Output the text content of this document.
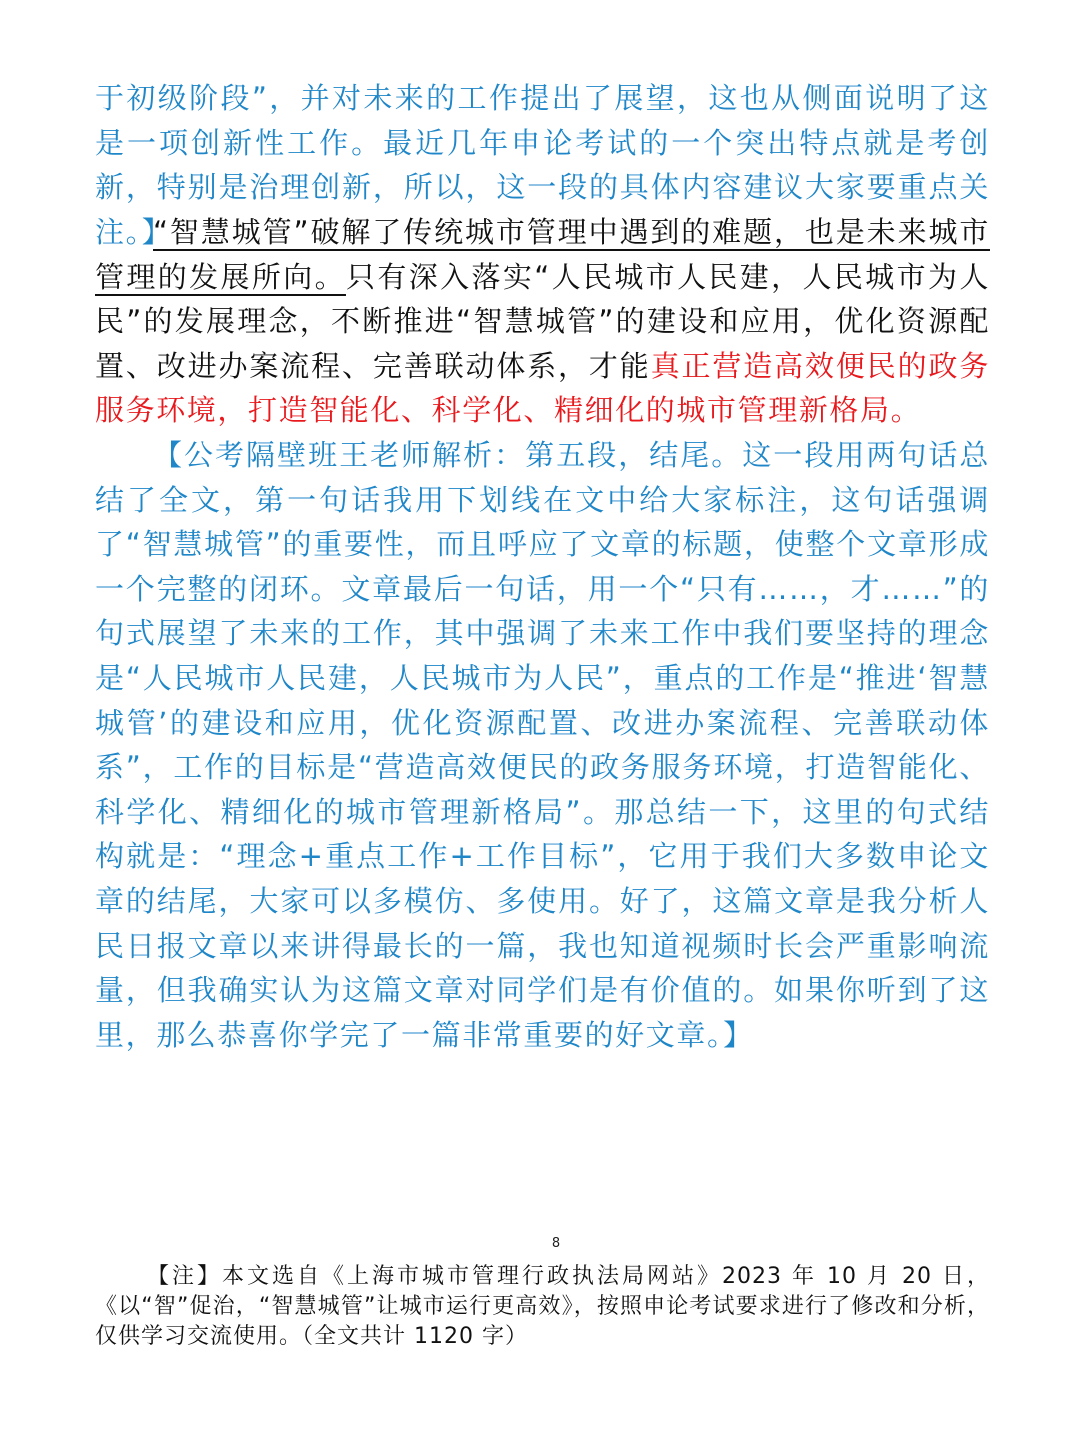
于初级阶段”，并对未来的工作提出了展望，这也从侧面说明了这是一项创新性工作。最近几年申论考试的一个突出特点就是考创新，特别是治理创新，所以，这一段的具体内容建议大家要重点关注。】

“智慧城管”破解了传统城市管理中遇到的难题，也是未来城市管理的发展所向。只有深入落实“人民城市人民建，人民城市为人民”的发展理念，不断推进“智慧城管”的建设和应用，优化资源配置、改进办案流程、完善联动体系，才能真正营造高效便民的政务服务环境，打造智能化、科学化、精细化的城市管理新格局。

【公考隔壁班王老师解析：第五段，结尾。这一段用两句话总结了全文，第一句话我用下划线在文中给大家标注，这句话强调了“智慧城管”的重要性，而且呼应了文章的标题，使整个文章形成一个完整的闭环。文章最后一句话，用一个“只有……，才……”的句式展望了未来的工作，其中强调了未来工作中我们要坚持的理念是“人民城市人民建，人民城市为人民”，重点的工作是“推进‘智慧城管’的建设和应用，优化资源配置、改进办案流程、完善联动体系”，工作的目标是“营造高效便民的政务服务环境，打造智能化、科学化、精细化的城市管理新格局”。那总结一下，这里的句式结构就是：“理念+重点工作+工作目标”，它用于我们大多数申论文章的结尾，大家可以多模仿、多使用。好了，这篇文章是我分析人民日报文章以来讲得最长的一篇，我也知道视频时长会严重影响流量，但我确实认为这篇文章对同学们是有价值的。如果你听到了这里，那么恭喜你学完了一篇非常重要的好文章。】

8

【注】本文选自《上海市城市管理行政执法局网站》2023 年 10 月 20 日，《以“智”促治，“智慧城管”让城市运行更高效》，按照申论考试要求进行了修改和分析，仅供学习交流使用。（全文共计 1120 字）
